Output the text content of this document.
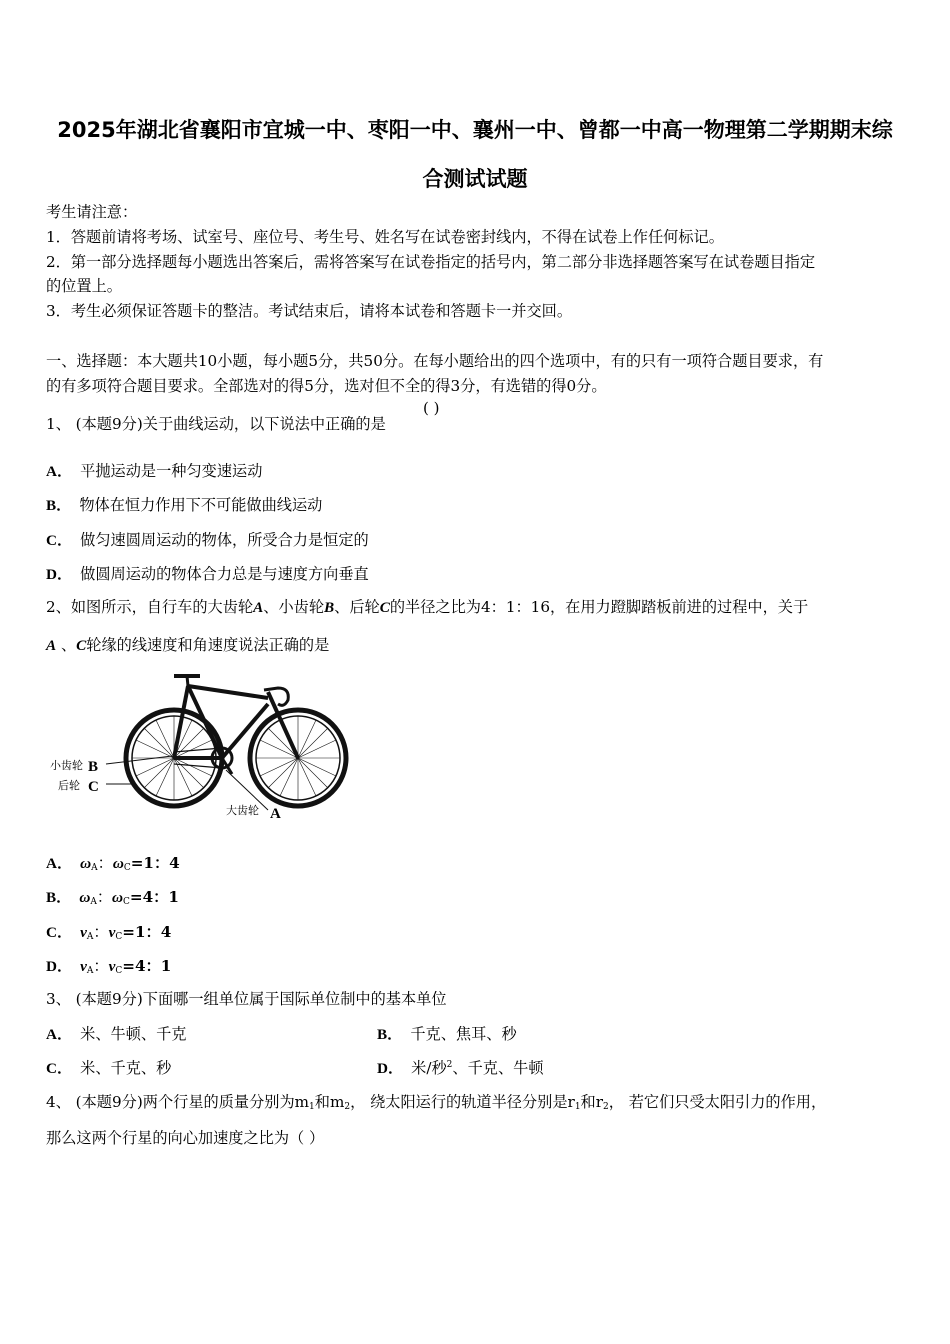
2025年湖北省襄阳市宜城一中、枣阳一中、襄州一中、曾都一中高一物理第二学期期末综
合测试试题
考生请注意：
1．答题前请将考场、试室号、座位号、考生号、姓名写在试卷密封线内，不得在试卷上作任何标记。
2．第一部分选择题每小题选出答案后，需将答案写在试卷指定的括号内，第二部分非选择题答案写在试卷题目指定
的位置上。
3．考生必须保证答题卡的整洁。考试结束后，请将本试卷和答题卡一并交回。
一、选择题：本大题共10小题，每小题5分，共50分。在每小题给出的四个选项中，有的只有一项符合题目要求，有
的有多项符合题目要求。全部选对的得5分，选对但不全的得3分，有选错的得0分。
1、 (本题9分)关于曲线运动，以下说法中正确的是
( )
A． 平抛运动是一种匀变速运动
B． 物体在恒力作用下不可能做曲线运动
C． 做匀速圆周运动的物体，所受合力是恒定的
D． 做圆周运动的物体合力总是与速度方向垂直
2、如图所示，自行车的大齿轮A、小齿轮B、后轮C的半径之比为4：1：16，在用力蹬脚踏板前进的过程中，关于
A 、C轮缘的线速度和角速度说法正确的是
小齿轮 B
后轮 C
大齿轮 A
A． $\omega_A$：$\omega_C=1$：4
B． $\omega_A$：$\omega_C=4$：1
C． $v_A$：$v_C=1$：4
D． $v_A$：$v_C=4$：1
3、 (本题9分)下面哪一组单位属于国际单位制中的基本单位
A． 米、牛顿、千克	B． 千克、焦耳、秒
C． 米、千克、秒	D． 米/秒$^2$、千克、牛顿
4、 (本题9分)两个行星的质量分别为$m_1$和$m_2$， 绕太阳运行的轨道半径分别是$r_1$和$r_2$， 若它们只受太阳引力的作用，
那么这两个行星的向心加速度之比为（ ）
